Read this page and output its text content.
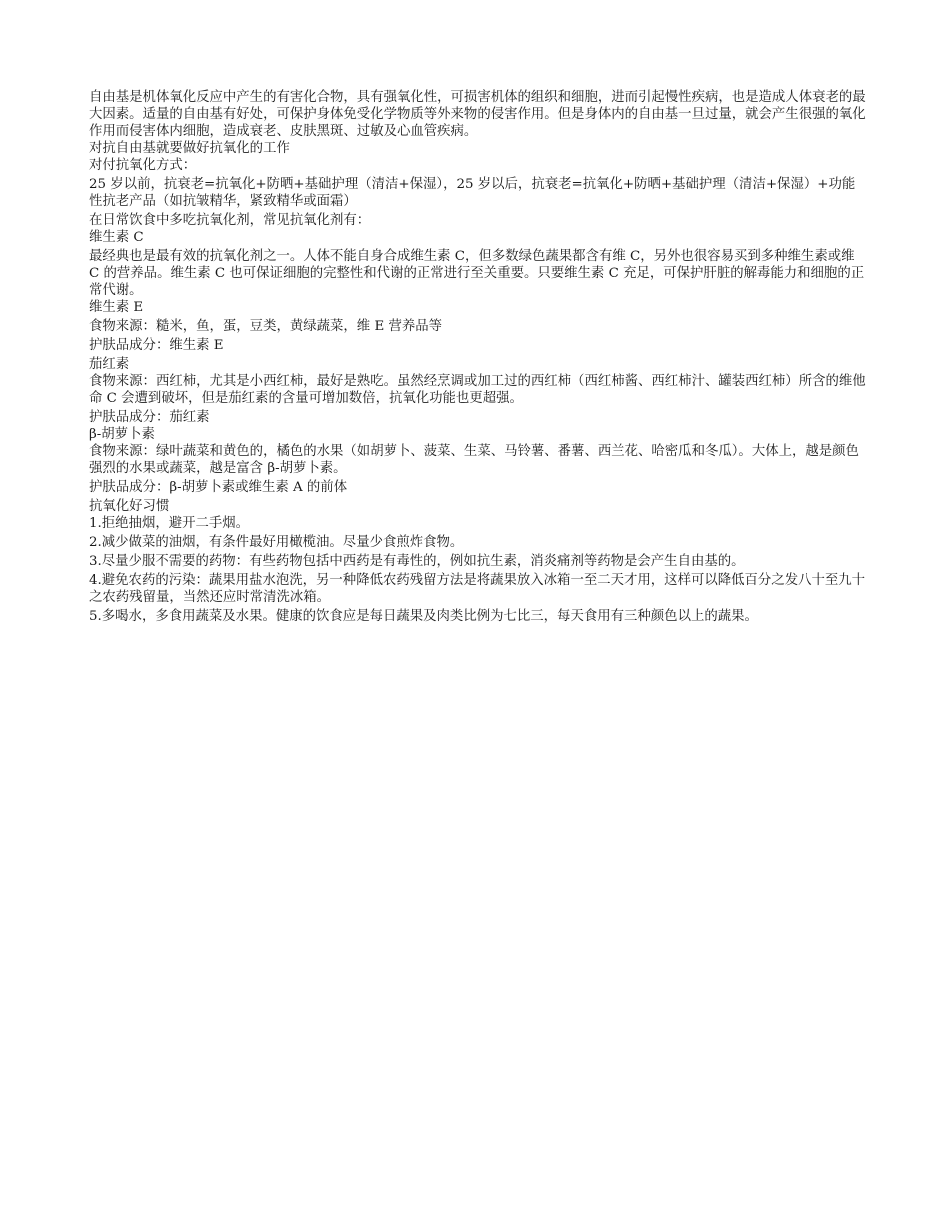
自由基是机体氧化反应中产生的有害化合物，具有强氧化性，可损害机体的组织和细胞，进而引起慢性疾病，也是造成人体衰老的最大因素。适量的自由基有好处，可保护身体免受化学物质等外来物的侵害作用。但是身体内的自由基一旦过量，就会产生很强的氧化作用而侵害体内细胞，造成衰老、皮肤黑斑、过敏及心血管疾病。

对抗自由基就要做好抗氧化的工作

对付抗氧化方式：

25 岁以前，抗衰老=抗氧化+防晒+基础护理（清洁+保湿），25 岁以后，抗衰老=抗氧化+防晒+基础护理（清洁+保湿）+功能性抗老产品（如抗皱精华，紧致精华或面霜）

在日常饮食中多吃抗氧化剂，常见抗氧化剂有：

维生素 C

最经典也是最有效的抗氧化剂之一。人体不能自身合成维生素 C，但多数绿色蔬果都含有维 C，另外也很容易买到多种维生素或维 C 的营养品。维生素 C 也可保证细胞的完整性和代谢的正常进行至关重要。只要维生素 C 充足，可保护肝脏的解毒能力和细胞的正常代谢。

维生素 E

食物来源：糙米，鱼，蛋，豆类，黄绿蔬菜，维 E 营养品等

护肤品成分：维生素 E

茄红素

食物来源：西红柿，尤其是小西红柿，最好是熟吃。虽然经烹调或加工过的西红柿（西红柿酱、西红柿汁、罐装西红柿）所含的维他命 C 会遭到破坏，但是茄红素的含量可增加数倍，抗氧化功能也更超强。

护肤品成分：茄红素

β-胡萝卜素

食物来源：绿叶蔬菜和黄色的，橘色的水果（如胡萝卜、菠菜、生菜、马铃薯、番薯、西兰花、哈密瓜和冬瓜）。大体上，越是颜色强烈的水果或蔬菜，越是富含 β-胡萝卜素。

护肤品成分：β-胡萝卜素或维生素 A 的前体

抗氧化好习惯

1.拒绝抽烟，避开二手烟。

2.减少做菜的油烟，有条件最好用橄榄油。尽量少食煎炸食物。

3.尽量少服不需要的药物：有些药物包括中西药是有毒性的，例如抗生素，消炎痛剂等药物是会产生自由基的。

4.避免农药的污染：蔬果用盐水泡洗，另一种降低农药残留方法是将蔬果放入冰箱一至二天才用，这样可以降低百分之发八十至九十之农药残留量，当然还应时常清洗冰箱。

5.多喝水，多食用蔬菜及水果。健康的饮食应是每日蔬果及肉类比例为七比三，每天食用有三种颜色以上的蔬果。
